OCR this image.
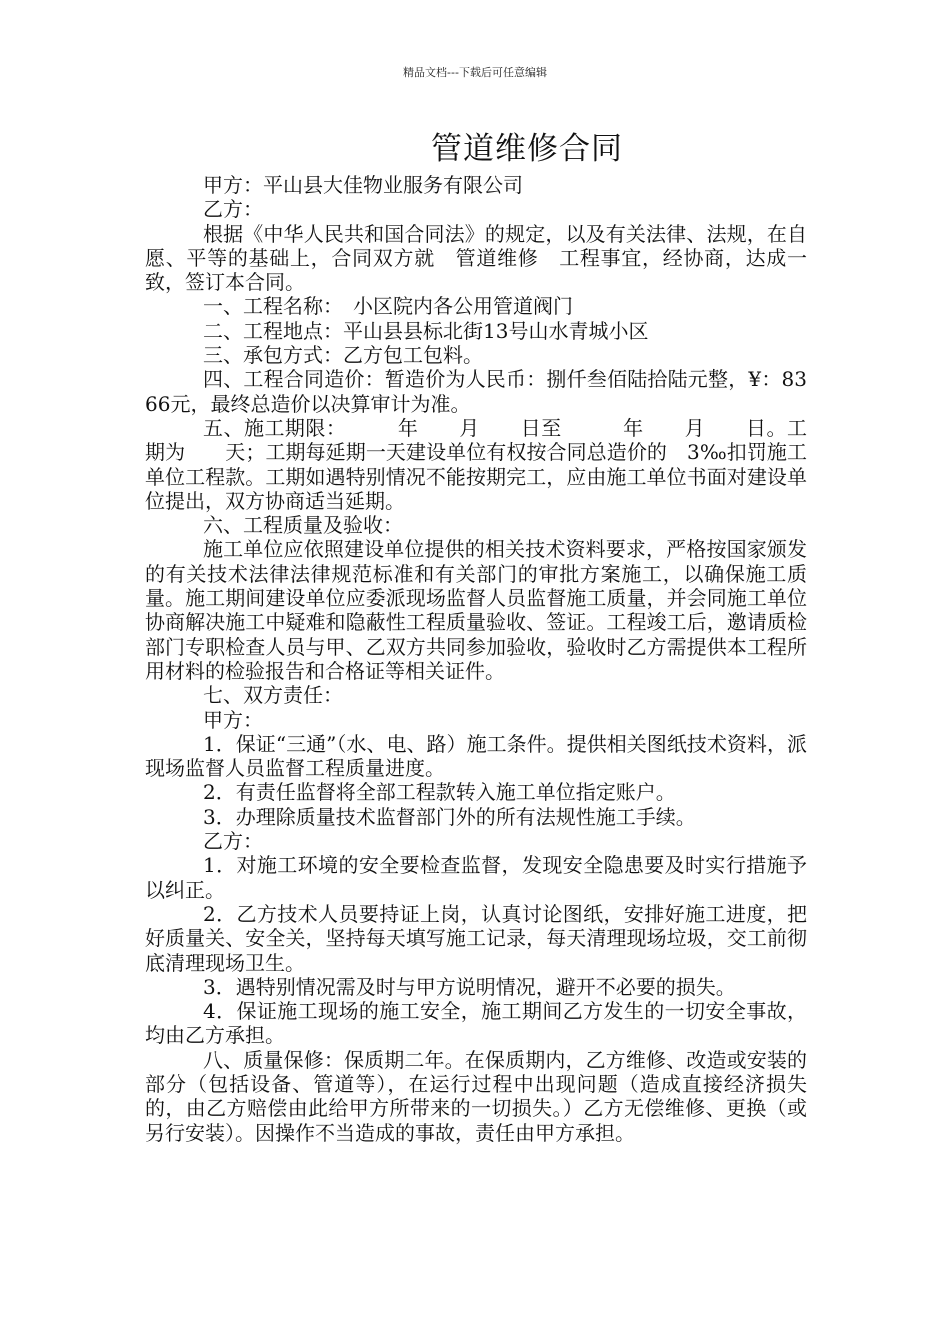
精品文档---下载后可任意编辑
管道维修合同

甲方：平山县大佳物业服务有限公司

乙方：

根据《中华人民共和国合同法》的规定，以及有关法律、法规，在自愿、平等的基础上，合同双方就　管道维修　工程事宜，经协商，达成一致，签订本合同。

一、工程名称：　小区院内各公用管道阀门

二、工程地点：平山县县标北街13号山水青城小区

三、承包方式：乙方包工包料。

四、工程合同造价：暂造价为人民币：捌仟叁佰陆拾陆元整，¥：8366元，最终总造价以决算审计为准。

五、施工期限：　　　年　　月　　日至　　　年　　月　　日。工期为　　天；工期每延期一天建设单位有权按合同总造价的　3‰扣罚施工单位工程款。工期如遇特别情况不能按期完工，应由施工单位书面对建设单位提出，双方协商适当延期。

六、工程质量及验收：

施工单位应依照建设单位提供的相关技术资料要求，严格按国家颁发的有关技术法律法律规范标准和有关部门的审批方案施工，以确保施工质量。施工期间建设单位应委派现场监督人员监督施工质量，并会同施工单位协商解决施工中疑难和隐蔽性工程质量验收、签证。工程竣工后，邀请质检部门专职检查人员与甲、乙双方共同参加验收，验收时乙方需提供本工程所用材料的检验报告和合格证等相关证件。

七、双方责任：

甲方：

1．保证“三通”（水、电、路）施工条件。提供相关图纸技术资料，派现场监督人员监督工程质量进度。

2．有责任监督将全部工程款转入施工单位指定账户。

3．办理除质量技术监督部门外的所有法规性施工手续。

乙方：

1．对施工环境的安全要检查监督，发现安全隐患要及时实行措施予以纠正。

2．乙方技术人员要持证上岗，认真讨论图纸，安排好施工进度，把好质量关、安全关，坚持每天填写施工记录，每天清理现场垃圾，交工前彻底清理现场卫生。

3．遇特别情况需及时与甲方说明情况，避开不必要的损失。

4．保证施工现场的施工安全，施工期间乙方发生的一切安全事故，均由乙方承担。

八、质量保修：保质期二年。在保质期内，乙方维修、改造或安装的部分（包括设备、管道等），在运行过程中出现问题（造成直接经济损失的，由乙方赔偿由此给甲方所带来的一切损失。）乙方无偿维修、更换（或另行安装）。因操作不当造成的事故，责任由甲方承担。
